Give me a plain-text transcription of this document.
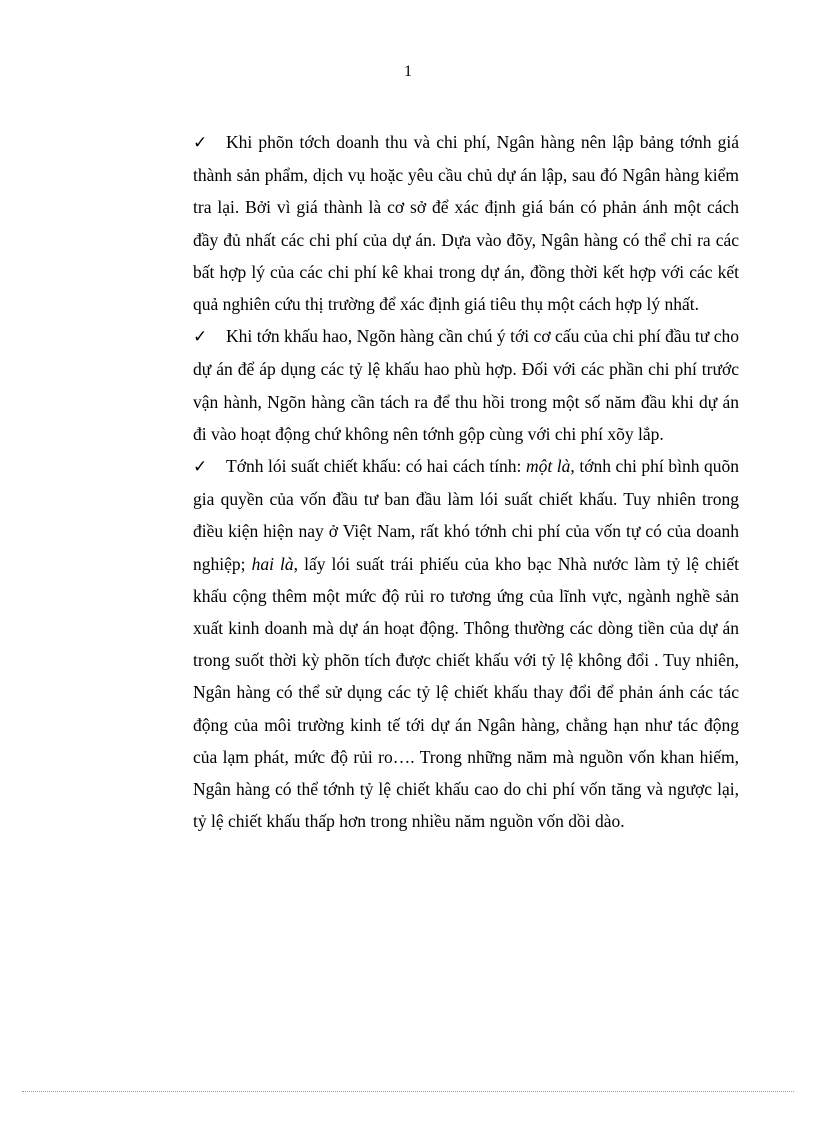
1

✓ Khi phõn tớch doanh thu và chi phí, Ngân hàng nên lập bảng tớnh giá thành sản phẩm, dịch vụ hoặc yêu cầu chủ dự án lập, sau đó Ngân hàng kiểm tra lại. Bởi vì giá thành là cơ sở để xác định giá bán có phản ánh một cách đầy đủ nhất các chi phí của dự án. Dựa vào đõy, Ngân hàng có thể chỉ ra các bất hợp lý của các chi phí kê khai trong dự án, đồng thời kết hợp với các kết quả nghiên cứu thị trường để xác định giá tiêu thụ một cách hợp lý nhất.

✓ Khi tớn khấu hao, Ngõn hàng cần chú ý tới cơ cấu của chi phí đầu tư cho dự án để áp dụng các tỷ lệ khấu hao phù hợp. Đối với các phần chi phí trước vận hành, Ngõn hàng cần tách ra để thu hồi trong một số năm đầu khi dự án đi vào hoạt động chứ không nên tớnh gộp cùng với chi phí xõy lắp.

✓ Tớnh lói suất chiết khấu: có hai cách tính: một là, tớnh chi phí bình quõn gia quyền của vốn đầu tư ban đầu làm lói suất chiết khấu. Tuy nhiên trong điều kiện hiện nay ở Việt Nam, rất khó tớnh chi phí của vốn tự có của doanh nghiệp; hai là, lấy lói suất trái phiếu của kho bạc Nhà nước làm tỷ lệ chiết khấu cộng thêm một mức độ rủi ro tương ứng của lĩnh vực, ngành nghề sản xuất kinh doanh mà dự án hoạt động. Thông thường các dòng tiền của dự án trong suốt thời kỳ phõn tích được chiết khấu với tỷ lệ không đổi . Tuy nhiên, Ngân hàng có thể sử dụng các tỷ lệ chiết khấu thay đổi để phản ánh các tác động của môi trường kinh tế tới dự án Ngân hàng, chẳng hạn như tác động của lạm phát, mức độ rủi ro…. Trong những năm mà nguồn vốn khan hiếm, Ngân hàng có thể tớnh tỷ lệ chiết khấu cao do chi phí vốn tăng và ngược lại, tỷ lệ chiết khấu thấp hơn trong nhiều năm nguồn vốn dồi dào.
